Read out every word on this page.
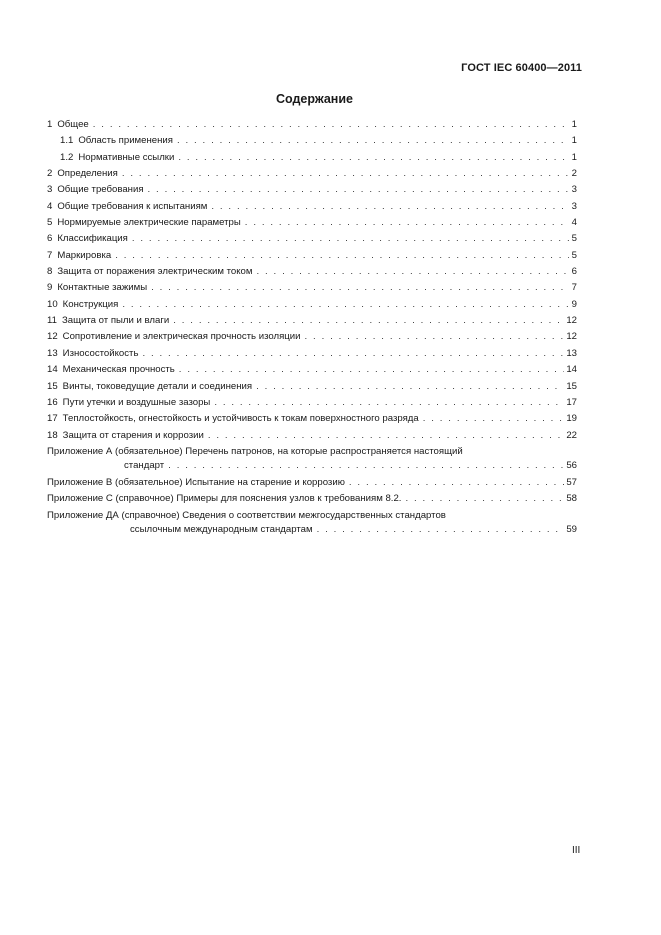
ГОСТ IEC 60400—2011
Содержание
1 Общее . . .	1
1.1 Область применения . . .	1
1.2 Нормативные ссылки . . .	1
2 Определения . . .	2
3 Общие требования . . .	3
4 Общие требования к испытаниям . . .	3
5 Нормируемые электрические параметры . . .	4
6 Классификация . . .	5
7 Маркировка . . .	5
8 Защита от поражения электрическим током . . .	6
9 Контактные зажимы . . .	7
10 Конструкция . . .	9
11 Защита от пыли и влаги . . .	12
12 Сопротивление и электрическая прочность изоляции . . .	12
13 Износостойкость . . .	13
14 Механическая прочность . . .	14
15 Винты, токоведущие детали и соединения . . .	15
16 Пути утечки и воздушные зазоры . . .	17
17 Теплостойкость, огнестойкость и устойчивость к токам поверхностного разряда . . .	19
18 Защита от старения и коррозии . . .	22
Приложение А (обязательное) Перечень патронов, на которые распространяется настоящий
стандарт . . .	56
Приложение В (обязательное) Испытание на старение и коррозию . . .	57
Приложение С (справочное) Примеры для пояснения узлов к требованиям 8.2. . . .	58
Приложение ДА (справочное) Сведения о соответствии межгосударственных стандартов
ссылочным международным стандартам . . .	59
III
